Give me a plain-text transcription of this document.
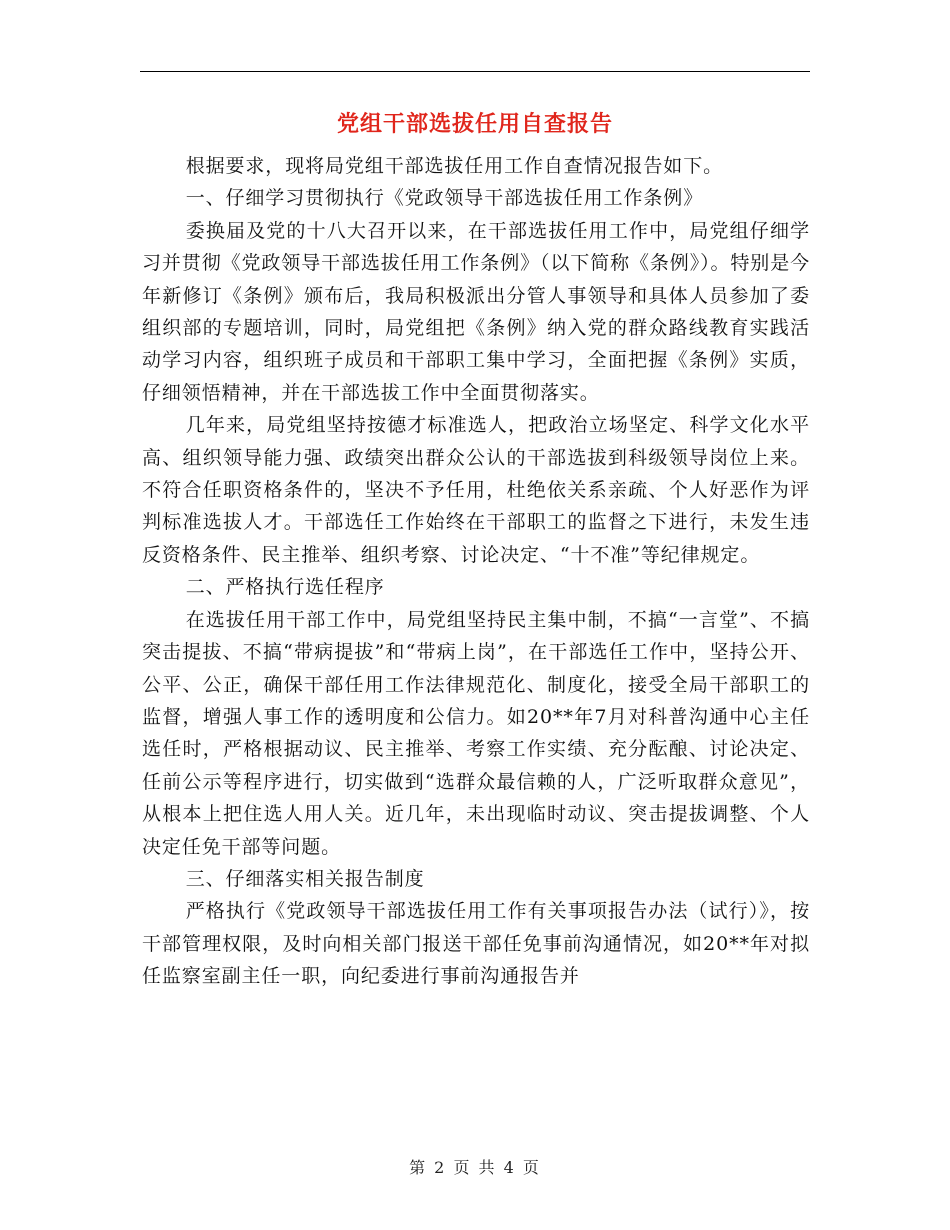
党组干部选拔任用自查报告

根据要求，现将局党组干部选拔任用工作自查情况报告如下。

一、仔细学习贯彻执行《党政领导干部选拔任用工作条例》

委换届及党的十八大召开以来，在干部选拔任用工作中，局党组仔细学习并贯彻《党政领导干部选拔任用工作条例》（以下简称《条例》）。特别是今年新修订《条例》颁布后，我局积极派出分管人事领导和具体人员参加了委组织部的专题培训，同时，局党组把《条例》纳入党的群众路线教育实践活动学习内容，组织班子成员和干部职工集中学习，全面把握《条例》实质，仔细领悟精神，并在干部选拔工作中全面贯彻落实。

几年来，局党组坚持按德才标准选人，把政治立场坚定、科学文化水平高、组织领导能力强、政绩突出群众公认的干部选拔到科级领导岗位上来。不符合任职资格条件的，坚决不予任用，杜绝依关系亲疏、个人好恶作为评判标准选拔人才。干部选任工作始终在干部职工的监督之下进行，未发生违反资格条件、民主推举、组织考察、讨论决定、“十不准”等纪律规定。

二、严格执行选任程序

在选拔任用干部工作中，局党组坚持民主集中制，不搞“一言堂”、不搞突击提拔、不搞“带病提拔”和“带病上岗”，在干部选任工作中，坚持公开、公平、公正，确保干部任用工作法律规范化、制度化，接受全局干部职工的监督，增强人事工作的透明度和公信力。如20**年7月对科普沟通中心主任选任时，严格根据动议、民主推举、考察工作实绩、充分酝酿、讨论决定、任前公示等程序进行，切实做到“选群众最信赖的人，广泛听取群众意见”，从根本上把住选人用人关。近几年，未出现临时动议、突击提拔调整、个人决定任免干部等问题。

三、仔细落实相关报告制度

严格执行《党政领导干部选拔任用工作有关事项报告办法（试行）》，按干部管理权限，及时向相关部门报送干部任免事前沟通情况，如20**年对拟任监察室副主任一职，向纪委进行事前沟通报告并

第 2 页 共 4 页
